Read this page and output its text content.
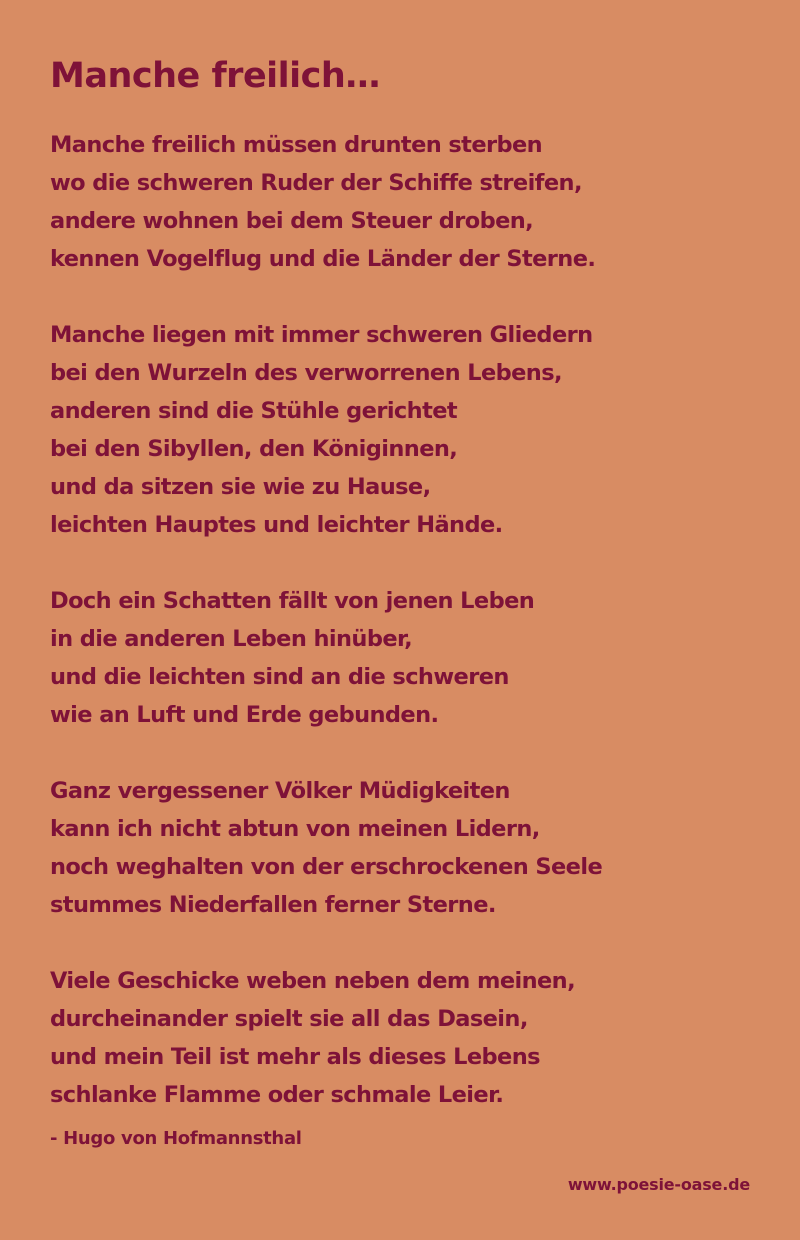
Manche freilich…
Manche freilich müssen drunten sterben
wo die schweren Ruder der Schiffe streifen,
andere wohnen bei dem Steuer droben,
kennen Vogelflug und die Länder der Sterne.
Manche liegen mit immer schweren Gliedern
bei den Wurzeln des verworrenen Lebens,
anderen sind die Stühle gerichtet
bei den Sibyllen, den Königinnen,
und da sitzen sie wie zu Hause,
leichten Hauptes und leichter Hände.
Doch ein Schatten fällt von jenen Leben
in die anderen Leben hinüber,
und die leichten sind an die schweren
wie an Luft und Erde gebunden.
Ganz vergessener Völker Müdigkeiten
kann ich nicht abtun von meinen Lidern,
noch weghalten von der erschrockenen Seele
stummes Niederfallen ferner Sterne.
Viele Geschicke weben neben dem meinen,
durcheinander spielt sie all das Dasein,
und mein Teil ist mehr als dieses Lebens
schlanke Flamme oder schmale Leier.
- Hugo von Hofmannsthal
www.poesie-oase.de
